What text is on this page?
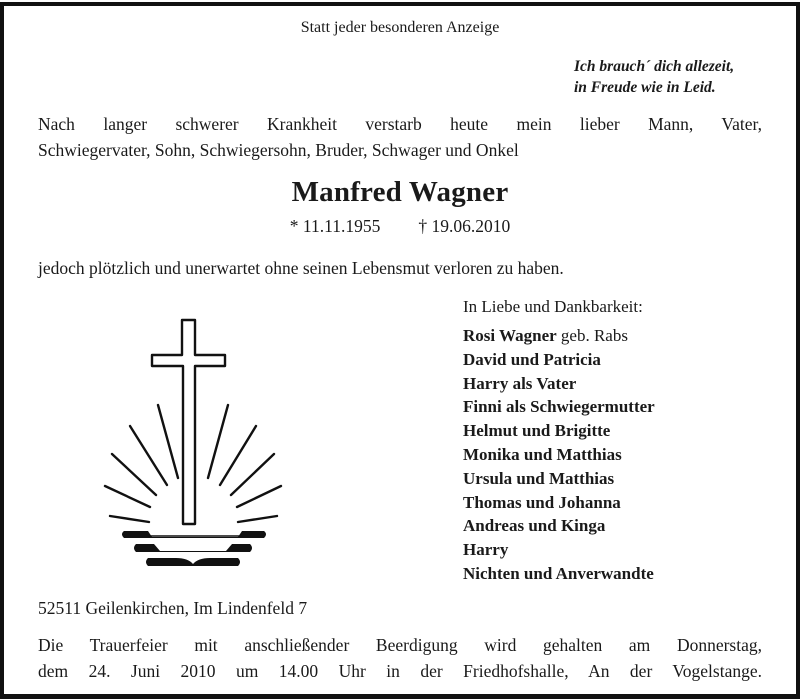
Statt jeder besonderen Anzeige
Ich brauch´ dich allezeit,
in Freude wie in Leid.
Nach langer schwerer Krankheit verstarb heute mein lieber Mann, Vater,
Schwiegervater, Sohn, Schwiegersohn, Bruder, Schwager und Onkel
Manfred Wagner
* 11.11.1955 † 19.06.2010
jedoch plötzlich und unerwartet ohne seinen Lebensmut verloren zu haben.
In Liebe und Dankbarkeit:
Rosi Wagner geb. Rabs
David und Patricia
Harry als Vater
Finni als Schwiegermutter
Helmut und Brigitte
Monika und Matthias
Ursula und Matthias
Thomas und Johanna
Andreas und Kinga
Harry
Nichten und Anverwandte
52511 Geilenkirchen, Im Lindenfeld 7
Die Trauerfeier mit anschließender Beerdigung wird gehalten am Donnerstag,
dem 24. Juni 2010 um 14.00 Uhr in der Friedhofshalle, An der Vogelstange.
